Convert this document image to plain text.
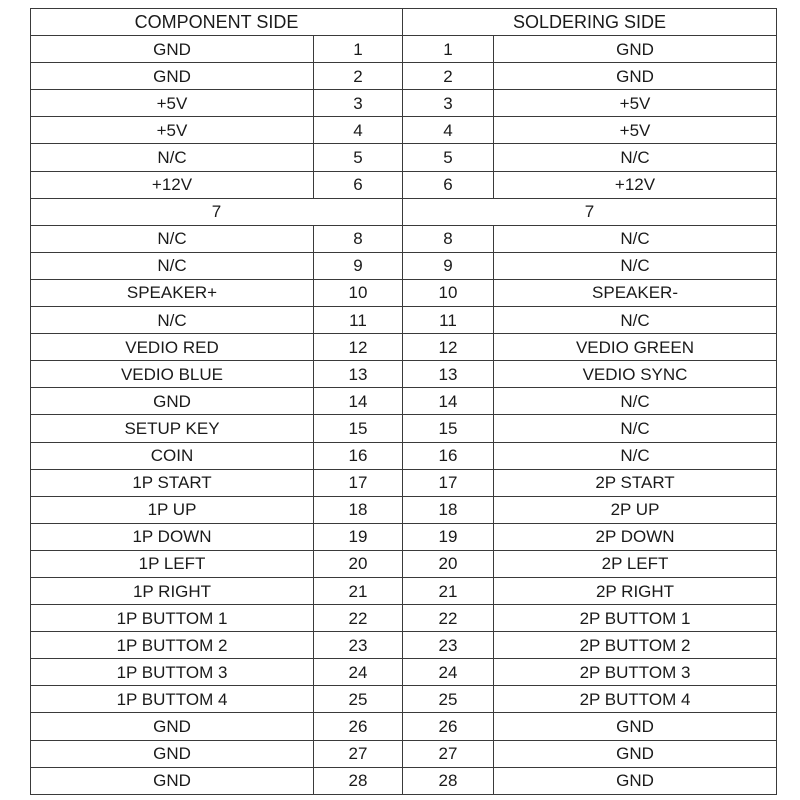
COMPONENT SIDE		SOLDERING SIDE	
GND	1	1	GND
GND	2	2	GND
+5V	3	3	+5V
+5V	4	4	+5V
N/C	5	5	N/C
+12V	6	6	+12V
7		7	
N/C	8	8	N/C
N/C	9	9	N/C
SPEAKER+	10	10	SPEAKER-
N/C	11	11	N/C
VEDIO RED	12	12	VEDIO GREEN
VEDIO BLUE	13	13	VEDIO SYNC
GND	14	14	N/C
SETUP KEY	15	15	N/C
COIN	16	16	N/C
1P START	17	17	2P START
1P UP	18	18	2P UP
1P DOWN	19	19	2P DOWN
1P LEFT	20	20	2P LEFT
1P RIGHT	21	21	2P RIGHT
1P BUTTOM 1	22	22	2P BUTTOM 1
1P BUTTOM 2	23	23	2P BUTTOM 2
1P BUTTOM 3	24	24	2P BUTTOM 3
1P BUTTOM 4	25	25	2P BUTTOM 4
GND	26	26	GND
GND	27	27	GND
GND	28	28	GND
